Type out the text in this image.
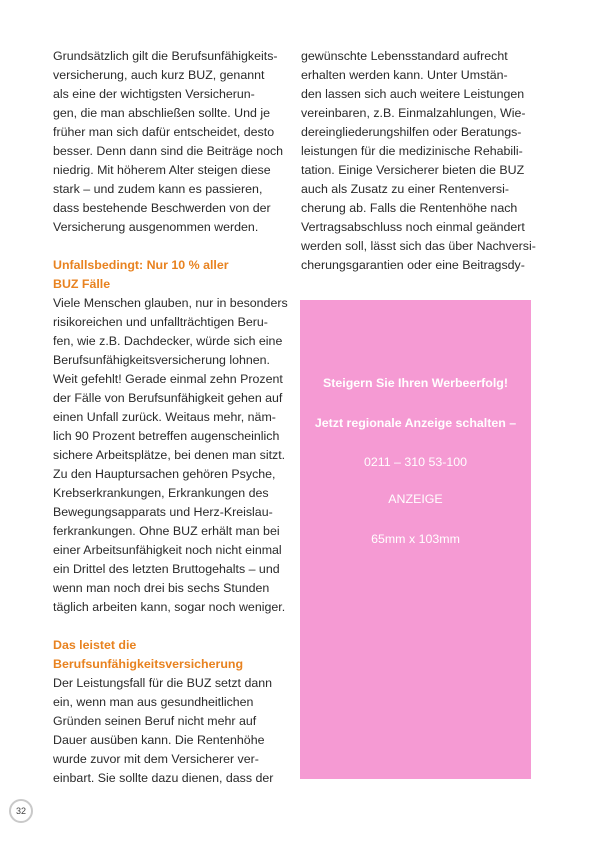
Grundsätzlich gilt die Berufsunfähigkeits-
versicherung, auch kurz BUZ, genannt
als eine der wichtigsten Versicherun-
gen, die man abschließen sollte. Und je
früher man sich dafür entscheidet, desto
besser. Denn dann sind die Beiträge noch
niedrig. Mit höherem Alter steigen diese
stark – und zudem kann es passieren,
dass bestehende Beschwerden von der
Versicherung ausgenommen werden.
Unfallsbedingt: Nur 10 % aller
BUZ Fälle
Viele Menschen glauben, nur in besonders
risikoreichen und unfallträchtigen Beru-
fen, wie z.B. Dachdecker, würde sich eine
Berufsunfähigkeitsversicherung lohnen.
Weit gefehlt! Gerade einmal zehn Prozent
der Fälle von Berufsunfähigkeit gehen auf
einen Unfall zurück. Weitaus mehr, näm-
lich 90 Prozent betreffen augenscheinlich
sichere Arbeitsplätze, bei denen man sitzt.
Zu den Hauptursachen gehören Psyche,
Krebserkrankungen, Erkrankungen des
Bewegungsapparats und Herz-Kreislau-
ferkrankungen. Ohne BUZ erhält man bei
einer Arbeitsunfähigkeit noch nicht einmal
ein Drittel des letzten Bruttogehalts – und
wenn man noch drei bis sechs Stunden
täglich arbeiten kann, sogar noch weniger.
Das leistet die
Berufsunfähigkeitsversicherung
Der Leistungsfall für die BUZ setzt dann
ein, wenn man aus gesundheitlichen
Gründen seinen Beruf nicht mehr auf
Dauer ausüben kann. Die Rentenhöhe
wurde zuvor mit dem Versicherer ver-
einbart. Sie sollte dazu dienen, dass der
gewünschte Lebensstandard aufrecht
erhalten werden kann. Unter Umstän-
den lassen sich auch weitere Leistungen
vereinbaren, z.B. Einmalzahlungen, Wie-
dereingliederungshilfen oder Beratungs-
leistungen für die medizinische Rehabili-
tation. Einige Versicherer bieten die BUZ
auch als Zusatz zu einer Rentenversi-
cherung ab. Falls die Rentenhöhe nach
Vertragsabschluss noch einmal geändert
werden soll, lässt sich das über Nachversi-
cherungsgarantien oder eine Beitragsdy-
Steigern Sie Ihren Werbeerfolg!
Jetzt regionale Anzeige schalten –
0211 – 310 53-100
ANZEIGE
65mm x 103mm
32
